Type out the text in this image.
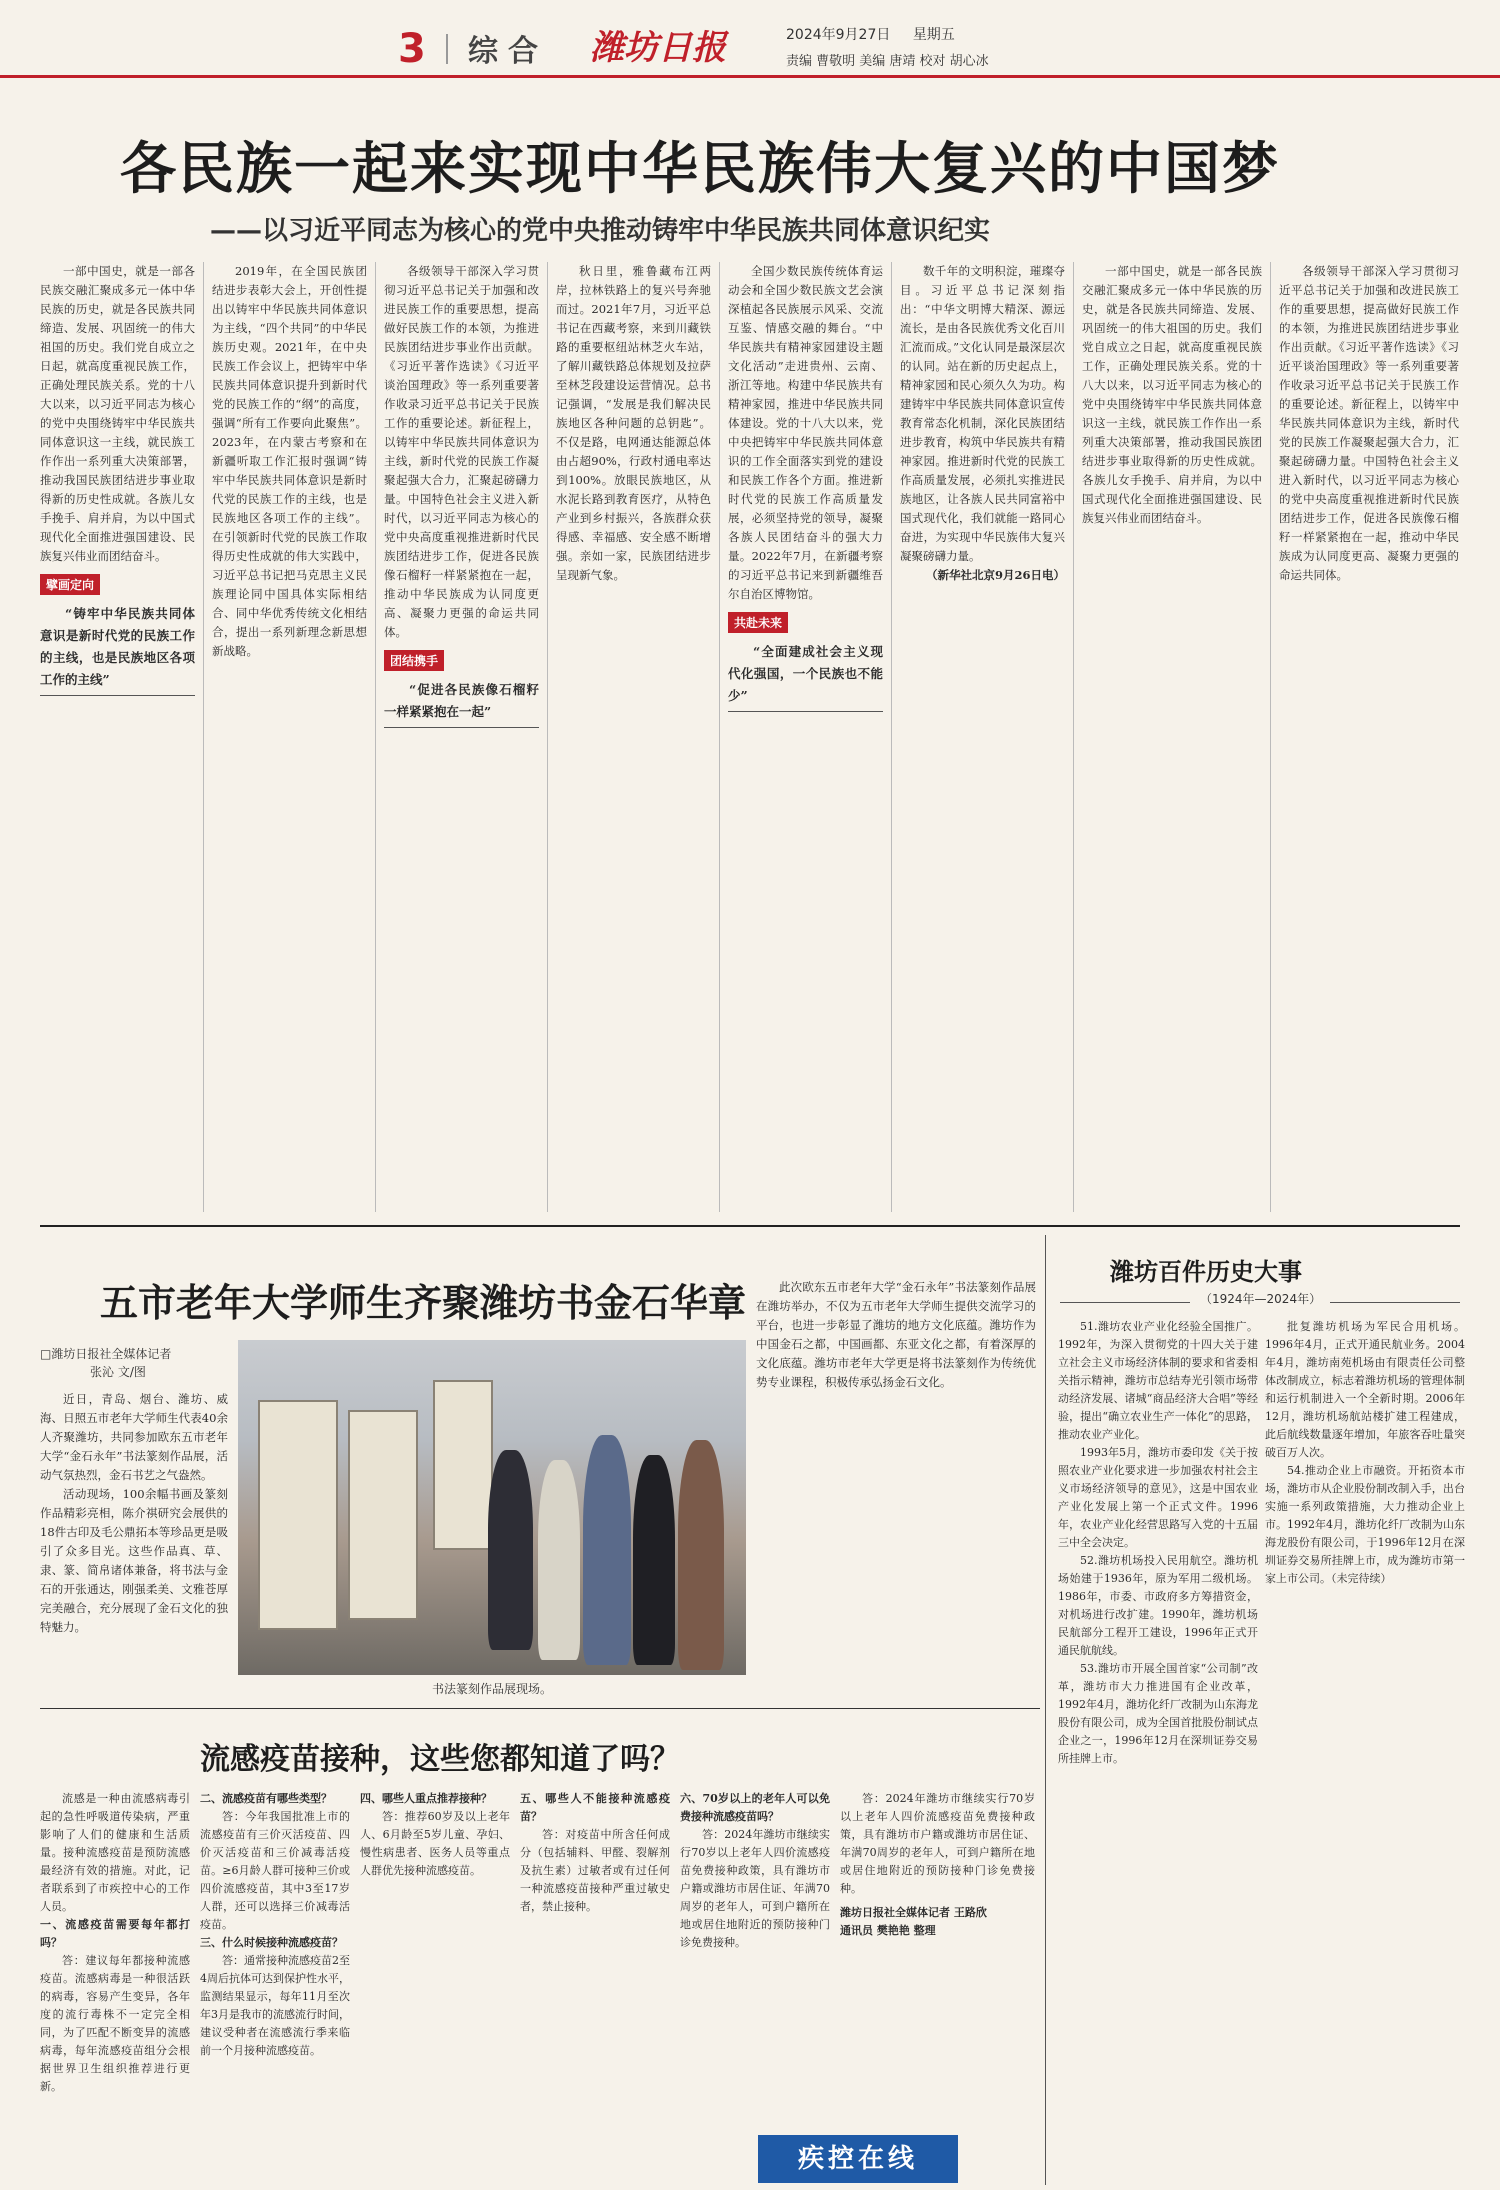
3 综合 潍坊日报	2024年9月27日 星期五
责编 曹敬明 美编 唐靖 校对 胡心冰
各民族一起来实现中华民族伟大复兴的中国梦
——以习近平同志为核心的党中央推动铸牢中华民族共同体意识纪实

一部中国史，就是一部各民族交融汇聚成多元一体中华民族的历史，就是各民族共同缔造、发展、巩固统一的伟大祖国的历史。我们党自成立之日起，就高度重视民族工作，正确处理民族关系。党的十八大以来，以习近平同志为核心的党中央围绕铸牢中华民族共同体意识这一主线，就民族工作作出一系列重大决策部署，推动我国民族团结进步事业取得新的历史性成就。各族儿女手挽手、肩并肩，为以中国式现代化全面推进强国建设、民族复兴伟业而团结奋斗。

擘画定向

“铸牢中华民族共同体意识是新时代党的民族工作的主线，也是民族地区各项工作的主线”

2019年，在全国民族团结进步表彰大会上，开创性提出以铸牢中华民族共同体意识为主线，“四个共同”的中华民族历史观。2021年，在中央民族工作会议上，把铸牢中华民族共同体意识提升到新时代党的民族工作的“纲”的高度，强调“所有工作要向此聚焦”。2023年，在内蒙古考察和在新疆听取工作汇报时强调“铸牢中华民族共同体意识是新时代党的民族工作的主线，也是民族地区各项工作的主线”。在引领新时代党的民族工作取得历史性成就的伟大实践中，习近平总书记把马克思主义民族理论同中国具体实际相结合、同中华优秀传统文化相结合，提出一系列新理念新思想新战略。

各级领导干部深入学习贯彻习近平总书记关于加强和改进民族工作的重要思想，提高做好民族工作的本领，为推进民族团结进步事业作出贡献。《习近平著作选读》《习近平谈治国理政》等一系列重要著作收录习近平总书记关于民族工作的重要论述。新征程上，以铸牢中华民族共同体意识为主线，新时代党的民族工作凝聚起强大合力，汇聚起磅礴力量。中国特色社会主义进入新时代，以习近平同志为核心的党中央高度重视推进新时代民族团结进步工作，促进各民族像石榴籽一样紧紧抱在一起，推动中华民族成为认同度更高、凝聚力更强的命运共同体。

团结携手

“促进各民族像石榴籽一样紧紧抱在一起”

秋日里，雅鲁藏布江两岸，拉林铁路上的复兴号奔驰而过。2021年7月，习近平总书记在西藏考察，来到川藏铁路的重要枢纽站林芝火车站，了解川藏铁路总体规划及拉萨至林芝段建设运营情况。总书记强调，“发展是我们解决民族地区各种问题的总钥匙”。不仅是路，电网通达能源总体由占超90%，行政村通电率达到100%。放眼民族地区，从水泥长路到教育医疗，从特色产业到乡村振兴，各族群众获得感、幸福感、安全感不断增强。亲如一家，民族团结进步呈现新气象。

全国少数民族传统体育运动会和全国少数民族文艺会演深植起各民族展示风采、交流互鉴、情感交融的舞台。“中华民族共有精神家园建设主题文化活动”走进贵州、云南、浙江等地。构建中华民族共有精神家园，推进中华民族共同体建设。党的十八大以来，党中央把铸牢中华民族共同体意识的工作全面落实到党的建设和民族工作各个方面。推进新时代党的民族工作高质量发展，必须坚持党的领导，凝聚各族人民团结奋斗的强大力量。2022年7月，在新疆考察的习近平总书记来到新疆维吾尔自治区博物馆。

共赴未来

“全面建成社会主义现代化强国，一个民族也不能少”

数千年的文明积淀，璀璨夺目。习近平总书记深刻指出：“中华文明博大精深、源远流长，是由各民族优秀文化百川汇流而成。”文化认同是最深层次的认同。站在新的历史起点上，精神家园和民心须久久为功。构建铸牢中华民族共同体意识宣传教育常态化机制，深化民族团结进步教育，构筑中华民族共有精神家园。推进新时代党的民族工作高质量发展，必须扎实推进民族地区，让各族人民共同富裕中国式现代化，我们就能一路同心奋进，为实现中华民族伟大复兴凝聚磅礴力量。

（新华社北京9月26日电）

一部中国史，就是一部各民族交融汇聚成多元一体中华民族的历史，就是各民族共同缔造、发展、巩固统一的伟大祖国的历史。我们党自成立之日起，就高度重视民族工作，正确处理民族关系。党的十八大以来，以习近平同志为核心的党中央围绕铸牢中华民族共同体意识这一主线，就民族工作作出一系列重大决策部署，推动我国民族团结进步事业取得新的历史性成就。各族儿女手挽手、肩并肩，为以中国式现代化全面推进强国建设、民族复兴伟业而团结奋斗。

各级领导干部深入学习贯彻习近平总书记关于加强和改进民族工作的重要思想，提高做好民族工作的本领，为推进民族团结进步事业作出贡献。《习近平著作选读》《习近平谈治国理政》等一系列重要著作收录习近平总书记关于民族工作的重要论述。新征程上，以铸牢中华民族共同体意识为主线，新时代党的民族工作凝聚起强大合力，汇聚起磅礴力量。中国特色社会主义进入新时代，以习近平同志为核心的党中央高度重视推进新时代民族团结进步工作，促进各民族像石榴籽一样紧紧抱在一起，推动中华民族成为认同度更高、凝聚力更强的命运共同体。

五市老年大学师生齐聚潍坊书金石华章
□潍坊日报社全媒体记者
张沁 文/图

近日，青岛、烟台、潍坊、威海、日照五市老年大学师生代表40余人齐聚潍坊，共同参加欧东五市老年大学“金石永年”书法篆刻作品展，活动气氛热烈，金石书艺之气盎然。

活动现场，100余幅书画及篆刻作品精彩亮相，陈介祺研究会展供的18件古印及毛公鼎拓本等珍品更是吸引了众多目光。这些作品真、草、隶、篆、简帛诸体兼备，将书法与金石的开张通达，刚强柔美、文雅苍厚完美融合，充分展现了金石文化的独特魅力。

书法篆刻作品展现场。

此次欧东五市老年大学“金石永年”书法篆刻作品展在潍坊举办，不仅为五市老年大学师生提供交流学习的平台，也进一步彰显了潍坊的地方文化底蕴。潍坊作为中国金石之都，中国画都、东亚文化之都，有着深厚的文化底蕴。潍坊市老年大学更是将书法篆刻作为传统优势专业课程，积极传承弘扬金石文化。

流感疫苗接种，这些您都知道了吗？

流感是一种由流感病毒引起的急性呼吸道传染病，严重影响了人们的健康和生活质量。接种流感疫苗是预防流感最经济有效的措施。对此，记者联系到了市疾控中心的工作人员。

一、流感疫苗需要每年都打吗？

答：建议每年都接种流感疫苗。流感病毒是一种很活跃的病毒，容易产生变异，各年度的流行毒株不一定完全相同，为了匹配不断变异的流感病毒，每年流感疫苗组分会根据世界卫生组织推荐进行更新。

二、流感疫苗有哪些类型？

答：今年我国批准上市的流感疫苗有三价灭活疫苗、四价灭活疫苗和三价减毒活疫苗。≥6月龄人群可接种三价或四价流感疫苗，其中3至17岁人群，还可以选择三价减毒活疫苗。

三、什么时候接种流感疫苗？

答：通常接种流感疫苗2至4周后抗体可达到保护性水平，监测结果显示，每年11月至次年3月是我市的流感流行时间，建议受种者在流感流行季来临前一个月接种流感疫苗。

四、哪些人重点推荐接种？

答：推荐60岁及以上老年人、6月龄至5岁儿童、孕妇、慢性病患者、医务人员等重点人群优先接种流感疫苗。

五、哪些人不能接种流感疫苗？

答：对疫苗中所含任何成分（包括辅料、甲醛、裂解剂及抗生素）过敏者或有过任何一种流感疫苗接种严重过敏史者，禁止接种。

六、70岁以上的老年人可以免费接种流感疫苗吗？

答：2024年潍坊市继续实行70岁以上老年人四价流感疫苗免费接种政策，具有潍坊市户籍或潍坊市居住证、年满70周岁的老年人，可到户籍所在地或居住地附近的预防接种门诊免费接种。

答：2024年潍坊市继续实行70岁以上老年人四价流感疫苗免费接种政策，具有潍坊市户籍或潍坊市居住证、年满70周岁的老年人，可到户籍所在地或居住地附近的预防接种门诊免费接种。

潍坊日报社全媒体记者 王路欣

通讯员 樊艳艳 整理

疾控在线
潍坊百件历史大事
（1924年—2024年）

51.潍坊农业产业化经验全国推广。1992年，为深入贯彻党的十四大关于建立社会主义市场经济体制的要求和省委相关指示精神，潍坊市总结寿光引领市场带动经济发展、诸城“商品经济大合唱”等经验，提出“确立农业生产一体化”的思路，推动农业产业化。

1993年5月，潍坊市委印发《关于按照农业产业化要求进一步加强农村社会主义市场经济领导的意见》，这是中国农业产业化发展上第一个正式文件。1996年，农业产业化经营思路写入党的十五届三中全会决定。

52.潍坊机场投入民用航空。潍坊机场始建于1936年，原为军用二级机场。1986年，市委、市政府多方筹措资金，对机场进行改扩建。1990年，潍坊机场民航部分工程开工建设，1996年正式开通民航航线。

53.潍坊市开展全国首家“公司制”改革，潍坊市大力推进国有企业改革，1992年4月，潍坊化纤厂改制为山东海龙股份有限公司，成为全国首批股份制试点企业之一，1996年12月在深圳证券交易所挂牌上市。

批复潍坊机场为军民合用机场。1996年4月，正式开通民航业务。2004年4月，潍坊南苑机场由有限责任公司整体改制成立，标志着潍坊机场的管理体制和运行机制进入一个全新时期。2006年12月，潍坊机场航站楼扩建工程建成，此后航线数量逐年增加，年旅客吞吐量突破百万人次。

54.推动企业上市融资。开拓资本市场，潍坊市从企业股份制改制入手，出台实施一系列政策措施，大力推动企业上市。1992年4月，潍坊化纤厂改制为山东海龙股份有限公司，于1996年12月在深圳证券交易所挂牌上市，成为潍坊市第一家上市公司。（未完待续）
